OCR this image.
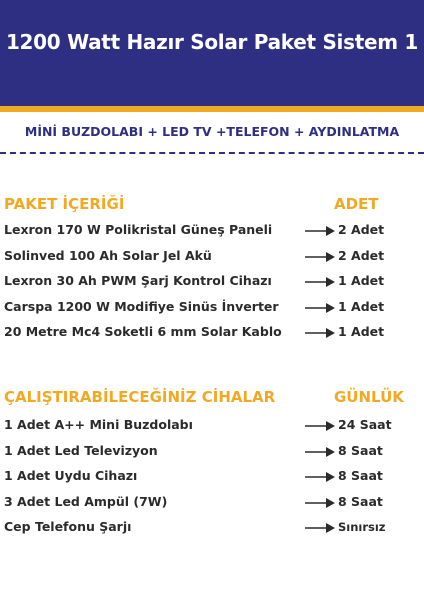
1200 Watt Hazır Solar Paket Sistem 1
MİNİ BUZDOLABI + LED TV +TELEFON + AYDINLATMA
PAKET İÇERİĞİ	ADET
Lexron 170 W Polikristal Güneş Paneli	2 Adet
Solinved 100 Ah Solar Jel Akü	2 Adet
Lexron 30 Ah PWM Şarj Kontrol Cihazı	1 Adet
Carspa 1200 W Modifiye Sinüs İnverter	1 Adet
20 Metre Mc4 Soketli 6 mm Solar Kablo	1 Adet
ÇALIŞTIRABİLECEĞİNİZ CİHALAR	GÜNLÜK
1 Adet A++ Mini Buzdolabı	24 Saat
1 Adet Led Televizyon	8 Saat
1 Adet Uydu Cihazı	8 Saat
3 Adet Led Ampül (7W)	8 Saat
Cep Telefonu Şarjı	Sınırsız
